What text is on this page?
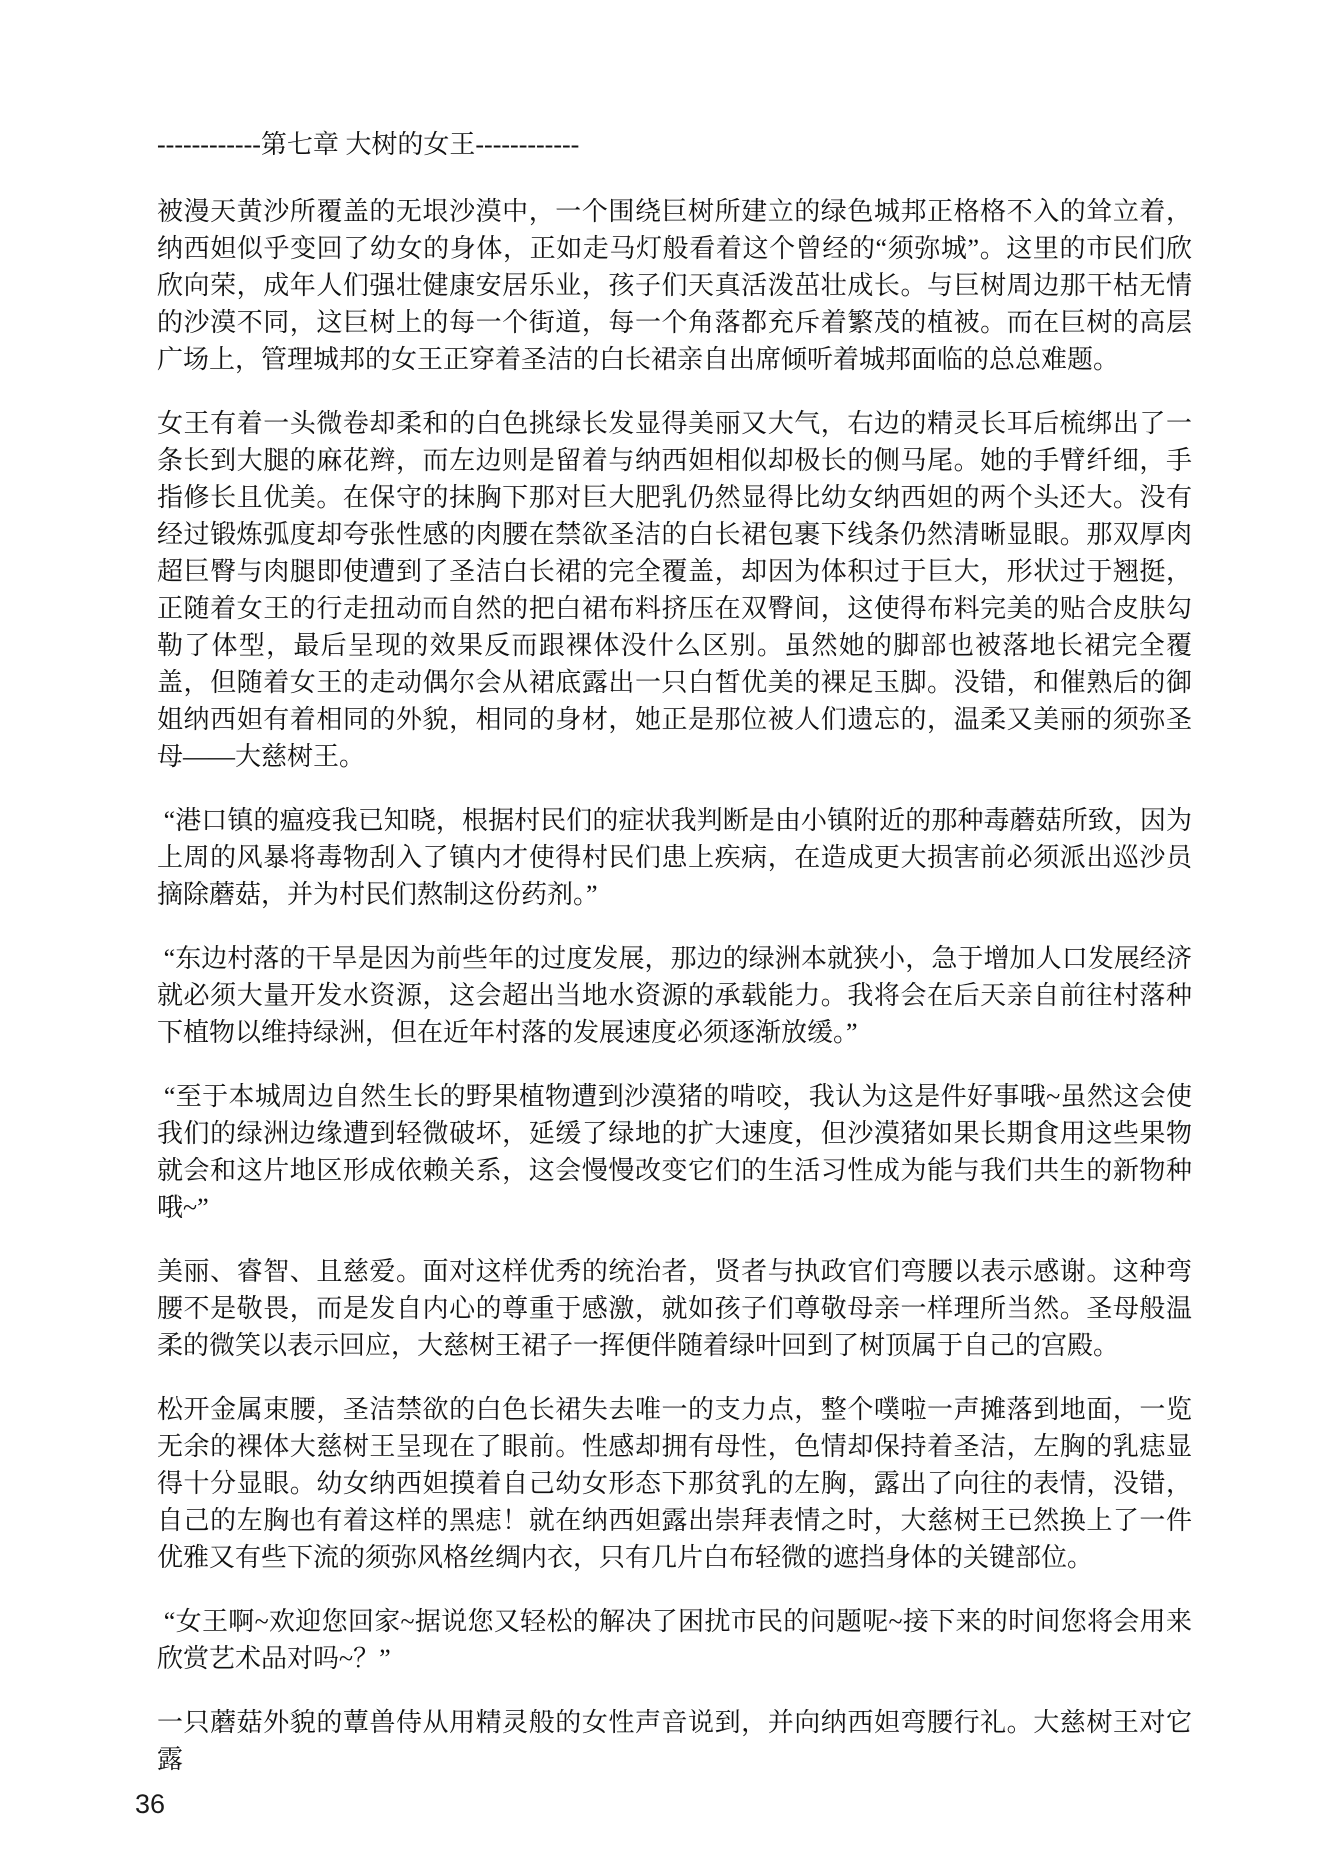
------------第七章 大树的女王------------

被漫天黄沙所覆盖的无垠沙漠中，一个围绕巨树所建立的绿色城邦正格格不入的耸立着，纳西妲似乎变回了幼女的身体，正如走马灯般看着这个曾经的“须弥城”。这里的市民们欣欣向荣，成年人们强壮健康安居乐业，孩子们天真活泼茁壮成长。与巨树周边那干枯无情的沙漠不同，这巨树上的每一个街道，每一个角落都充斥着繁茂的植被。而在巨树的高层广场上，管理城邦的女王正穿着圣洁的白长裙亲自出席倾听着城邦面临的总总难题。

女王有着一头微卷却柔和的白色挑绿长发显得美丽又大气，右边的精灵长耳后梳绑出了一条长到大腿的麻花辫，而左边则是留着与纳西妲相似却极长的侧马尾。她的手臂纤细，手指修长且优美。在保守的抹胸下那对巨大肥乳仍然显得比幼女纳西妲的两个头还大。没有经过锻炼弧度却夸张性感的肉腰在禁欲圣洁的白长裙包裹下线条仍然清晰显眼。那双厚肉超巨臀与肉腿即使遭到了圣洁白长裙的完全覆盖，却因为体积过于巨大，形状过于翘挺，正随着女王的行走扭动而自然的把白裙布料挤压在双臀间，这使得布料完美的贴合皮肤勾勒了体型，最后呈现的效果反而跟裸体没什么区别。虽然她的脚部也被落地长裙完全覆盖，但随着女王的走动偶尔会从裙底露出一只白皙优美的裸足玉脚。没错，和催熟后的御姐纳西妲有着相同的外貌，相同的身材，她正是那位被人们遗忘的，温柔又美丽的须弥圣母——大慈树王。

“港口镇的瘟疫我已知晓，根据村民们的症状我判断是由小镇附近的那种毒蘑菇所致，因为上周的风暴将毒物刮入了镇内才使得村民们患上疾病，在造成更大损害前必须派出巡沙员摘除蘑菇，并为村民们熬制这份药剂。”

“东边村落的干旱是因为前些年的过度发展，那边的绿洲本就狭小，急于增加人口发展经济就必须大量开发水资源，这会超出当地水资源的承载能力。我将会在后天亲自前往村落种下植物以维持绿洲，但在近年村落的发展速度必须逐渐放缓。”

“至于本城周边自然生长的野果植物遭到沙漠猪的啃咬，我认为这是件好事哦~虽然这会使我们的绿洲边缘遭到轻微破坏，延缓了绿地的扩大速度，但沙漠猪如果长期食用这些果物就会和这片地区形成依赖关系，这会慢慢改变它们的生活习性成为能与我们共生的新物种哦~”

美丽、睿智、且慈爱。面对这样优秀的统治者，贤者与执政官们弯腰以表示感谢。这种弯腰不是敬畏，而是发自内心的尊重于感激，就如孩子们尊敬母亲一样理所当然。圣母般温柔的微笑以表示回应，大慈树王裙子一挥便伴随着绿叶回到了树顶属于自己的宫殿。

松开金属束腰，圣洁禁欲的白色长裙失去唯一的支力点，整个噗啦一声摊落到地面，一览无余的裸体大慈树王呈现在了眼前。性感却拥有母性，色情却保持着圣洁，左胸的乳痣显得十分显眼。幼女纳西妲摸着自己幼女形态下那贫乳的左胸，露出了向往的表情，没错，自己的左胸也有着这样的黑痣！就在纳西妲露出崇拜表情之时，大慈树王已然换上了一件优雅又有些下流的须弥风格丝绸内衣，只有几片白布轻微的遮挡身体的关键部位。

“女王啊~欢迎您回家~据说您又轻松的解决了困扰市民的问题呢~接下来的时间您将会用来欣赏艺术品对吗~？”

一只蘑菇外貌的蕈兽侍从用精灵般的女性声音说到，并向纳西妲弯腰行礼。大慈树王对它露

36
